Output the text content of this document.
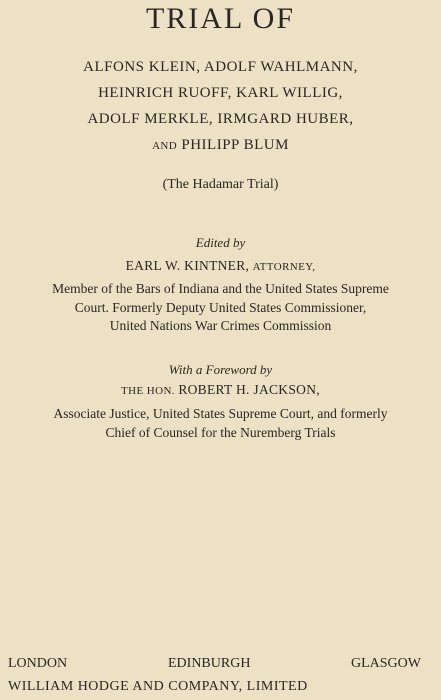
TRIAL OF
ALFONS KLEIN, ADOLF WAHLMANN,
HEINRICH RUOFF, KARL WILLIG,
ADOLF MERKLE, IRMGARD HUBER,
AND PHILIPP BLUM
(The Hadamar Trial)
Edited by
EARL W. KINTNER, ATTORNEY,
Member of the Bars of Indiana and the United States Supreme
Court. Formerly Deputy United States Commissioner,
United Nations War Crimes Commission
With a Foreword by
THE HON. ROBERT H. JACKSON,
Associate Justice, United States Supreme Court, and formerly
Chief of Counsel for the Nuremberg Trials
LONDON	EDINBURGH	GLASGOW
WILLIAM HODGE AND COMPANY, LIMITED
